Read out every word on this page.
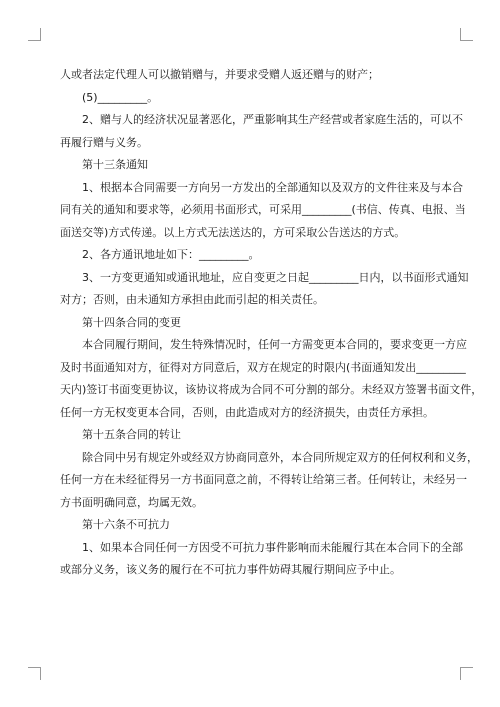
人或者法定代理人可以撤销赠与，并要求受赠人返还赠与的财产；

(5)_________。

2、赠与人的经济状况显著恶化，严重影响其生产经营或者家庭生活的，可以不

再履行赠与义务。

第十三条通知

1、根据本合同需要一方向另一方发出的全部通知以及双方的文件往来及与本合

同有关的通知和要求等，必须用书面形式，可采用_________(书信、传真、电报、当

面送交等)方式传递。以上方式无法送达的，方可采取公告送达的方式。

2、各方通讯地址如下：_________。

3、一方变更通知或通讯地址，应自变更之日起_________日内，以书面形式通知

对方；否则，由未通知方承担由此而引起的相关责任。

第十四条合同的变更

本合同履行期间，发生特殊情况时，任何一方需变更本合同的，要求变更一方应

及时书面通知对方，征得对方同意后，双方在规定的时限内(书面通知发出_________

天内)签订书面变更协议，该协议将成为合同不可分割的部分。未经双方签署书面文件，

任何一方无权变更本合同，否则，由此造成对方的经济损失，由责任方承担。

第十五条合同的转让

除合同中另有规定外或经双方协商同意外，本合同所规定双方的任何权利和义务，

任何一方在未经征得另一方书面同意之前，不得转让给第三者。任何转让，未经另一

方书面明确同意，均属无效。

第十六条不可抗力

1、如果本合同任何一方因受不可抗力事件影响而未能履行其在本合同下的全部

或部分义务，该义务的履行在不可抗力事件妨碍其履行期间应予中止。
